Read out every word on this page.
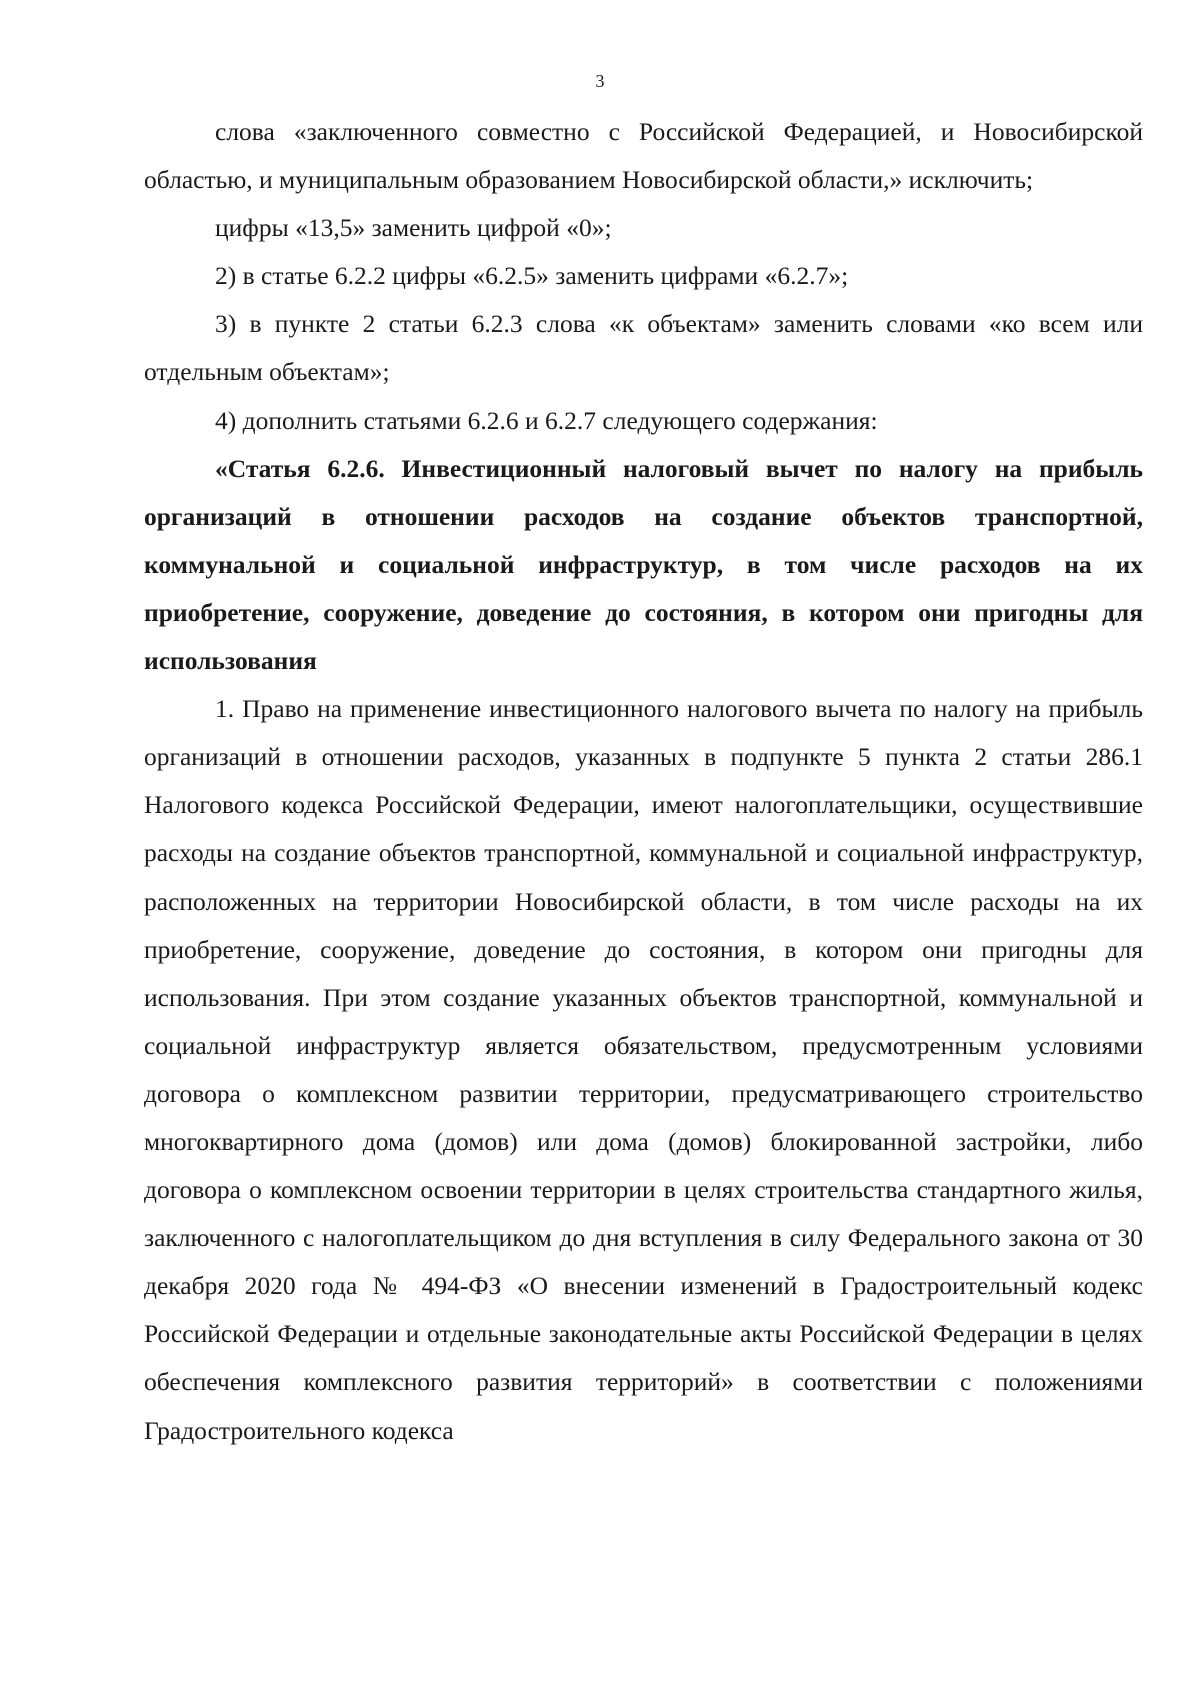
3

слова «заключенного совместно с Российской Федерацией, и Новосибирской областью, и муниципальным образованием Новосибирской области,» исключить;

цифры «13,5» заменить цифрой «0»;

2) в статье 6.2.2 цифры «6.2.5» заменить цифрами «6.2.7»;

3) в пункте 2 статьи 6.2.3 слова «к объектам» заменить словами «ко всем или отдельным объектам»;

4) дополнить статьями 6.2.6 и 6.2.7 следующего содержания:

«Статья 6.2.6. Инвестиционный налоговый вычет по налогу на прибыль организаций в отношении расходов на создание объектов транспортной, коммунальной и социальной инфраструктур, в том числе расходов на их приобретение, сооружение, доведение до состояния, в котором они пригодны для использования

1. Право на применение инвестиционного налогового вычета по налогу на прибыль организаций в отношении расходов, указанных в подпункте 5 пункта 2 статьи 286.1 Налогового кодекса Российской Федерации, имеют налогоплательщики, осуществившие расходы на создание объектов транспортной, коммунальной и социальной инфраструктур, расположенных на территории Новосибирской области, в том числе расходы на их приобретение, сооружение, доведение до состояния, в котором они пригодны для использования. При этом создание указанных объектов транспортной, коммунальной и социальной инфраструктур является обязательством, предусмотренным условиями договора о комплексном развитии территории, предусматривающего строительство многоквартирного дома (домов) или дома (домов) блокированной застройки, либо договора о комплексном освоении территории в целях строительства стандартного жилья, заключенного с налогоплательщиком до дня вступления в силу Федерального закона от 30 декабря 2020 года № 494-ФЗ «О внесении изменений в Градостроительный кодекс Российской Федерации и отдельные законодательные акты Российской Федерации в целях обеспечения комплексного развития территорий» в соответствии с положениями Градостроительного кодекса
